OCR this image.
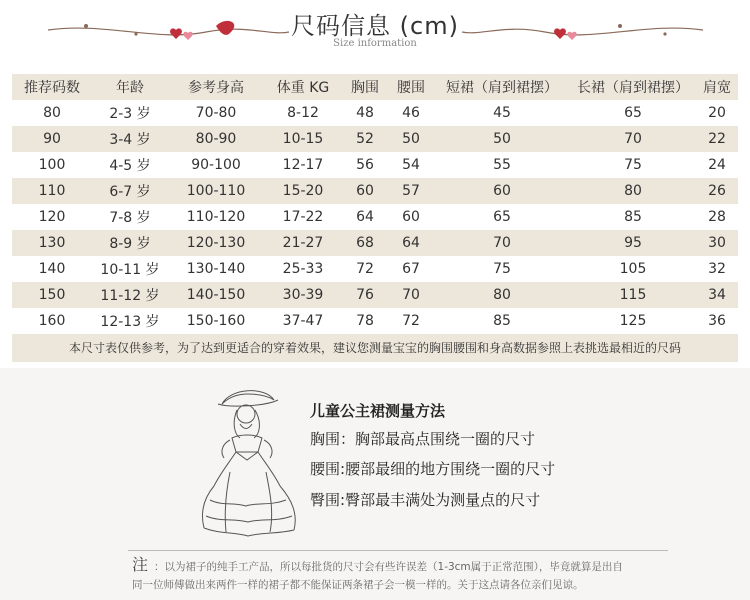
尺码信息 (cm)
Size information
推荐码数	年龄	参考身高	体重 KG	胸围	腰围	短裙（肩到裙摆）	长裙（肩到裙摆）	肩宽
80	2-3 岁	70-80	8-12	48	46	45	65	20
90	3-4 岁	80-90	10-15	52	50	50	70	22
100	4-5 岁	90-100	12-17	56	54	55	75	24
110	6-7 岁	100-110	15-20	60	57	60	80	26
120	7-8 岁	110-120	17-22	64	60	65	85	28
130	8-9 岁	120-130	21-27	68	64	70	95	30
140	10-11 岁	130-140	25-33	72	67	75	105	32
150	11-12 岁	140-150	30-39	76	70	80	115	34
160	12-13 岁	150-160	37-47	78	72	85	125	36
本尺寸表仅供参考，为了达到更适合的穿着效果，建议您测量宝宝的胸围腰围和身高数据参照上表挑选最相近的尺码
儿童公主裙测量方法
胸围：胸部最高点围绕一圈的尺寸
腰围:腰部最细的地方围绕一圈的尺寸
臀围:臀部最丰满处为测量点的尺寸
注 ：以为裙子的纯手工产品，所以每批货的尺寸会有些许误差（1-3cm属于正常范围），毕竟就算是出自
同一位师傅做出来两件一样的裙子都不能保证两条裙子会一模一样的。关于这点请各位亲们见谅。
